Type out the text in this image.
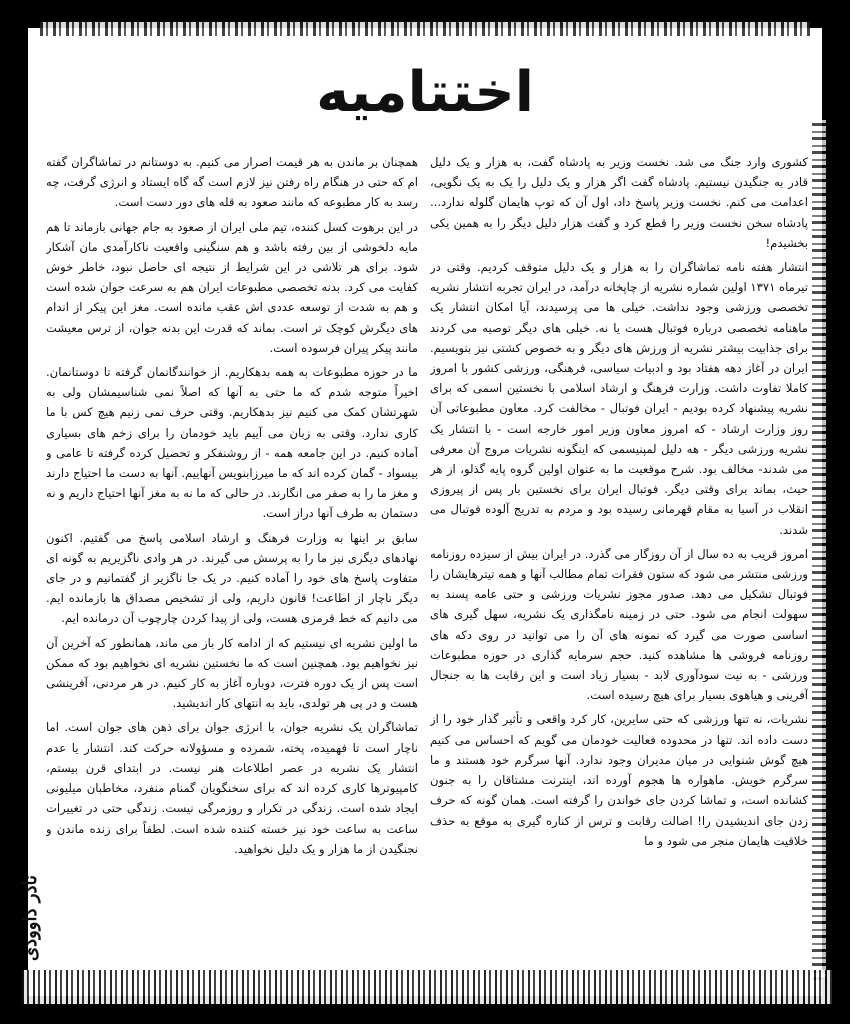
اختتامیه

کشوری وارد جنگ می شد. نخست وزیر به پادشاه گفت، به هزار و یک دلیل قادر به جنگیدن نیستیم. پادشاه گفت اگر هزار و یک دلیل را یک به یک نگویی، اعدامت می کنم. نخست وزیر پاسخ داد، اول آن که توپ هایمان گلوله ندارد... پادشاه سخن نخست وزیر را قطع کرد و گفت هزار دلیل دیگر را به همین یکی بخشیدم!

انتشار هفته نامه تماشاگران را به هزار و یک دلیل متوقف کردیم. وقتی در تیرماه ۱۳۷۱ اولین شماره نشریه از چاپخانه درآمد، در ایران تجربه انتشار نشریه تخصصی ورزشی وجود نداشت. خیلی ها می پرسیدند، آیا امکان انتشار یک ماهنامه تخصصی درباره فوتبال هست یا نه. خیلی های دیگر توصیه می کردند برای جذابیت بیشتر نشریه از ورزش های دیگر و به خصوص کشتی نیز بنویسیم. ایران در آغاز دهه هفتاد بود و ادبیات سیاسی، فرهنگی، ورزشی کشور با امروز کاملا تفاوت داشت. وزارت فرهنگ و ارشاد اسلامی با نخستین اسمی که برای نشریه پیشنهاد کرده بودیم - ایران فوتبال - مخالفت کرد. معاون مطبوعاتی آن روز وزارت ارشاد - که امروز معاون وزیر امور خارجه است - با انتشار یک نشریه ورزشی دیگر - هه دلیل لمپنیسمی که اینگونه نشریات مروج آن معرفی می شدند- مخالف بود. شرح موقعیت ما به عنوان اولین گروه پایه گذلو، از هر حیث، بماند برای وقتی دیگر. فوتبال ایران برای نخستین بار پس از پیروزی انقلاب در آسیا به مقام قهرمانی رسیده بود و مردم به تدریج آلوده فوتبال می شدند.

امروز قریب به ده سال از آن روزگار می گذرد. در ایران بیش از سیزده روزنامه ورزشی منتشر می شود که ستون فقرات تمام مطالب آنها و همه تیترهایشان را فوتبال تشکیل می دهد. صدور مجوز نشریات ورزشی و حتی عامه پسند به سهولت انجام می شود. حتی در زمینه نامگذاری یک نشریه، سهل گیری های اساسی صورت می گیرد که نمونه های آن را می توانید در روی دکه های روزنامه فروشی ها مشاهده کنید. حجم سرمایه گذاری در حوزه مطبوعات ورزشی - به نیت سودآوری لابد - بسیار زیاد است و این رقابت ها به جنجال آفرینی و هیاهوی بسیار برای هیچ رسیده است.

نشریات، نه تنها ورزشی که حتی سایرین، کار کرد واقعی و تأثیر گذار خود را از دست داده اند. تنها در محدوده فعالیت خودمان می گویم که احساس می کنیم هیچ گوش شنوایی در میان مدیران وجود ندارد. آنها سرگرم خود هستند و ما سرگرم خویش. ماهواره ها هجوم آورده اند، اینترنت مشتاقان را به جنون کشانده است، و تماشا کردن جای خواندن را گرفته است. همان گونه که حرف زدن جای اندیشیدن را! اصالت رقابت و ترس از کناره گیری به موقع به حذف خلاقیت هایمان منجر می شود و ما

همچنان بر ماندن به هر قیمت اصرار می کنیم. به دوستانم در تماشاگران گفته ام که حتی در هنگام راه رفتن نیز لازم است گه گاه ایستاد و انرژی گرفت، چه رسد به کار مطبوعه که مانند صعود به قله های دور دست است.

در این برهوت کسل کننده، تیم ملی ایران از صعود به جام جهانی بازماند تا هم مایه دلخوشی از بین رفته باشد و هم سنگینی واقعیت ناکارآمدی مان آشکار شود. برای هر تلاشی در این شرایط از نتیجه ای حاصل نبود، خاطر خوش کفایت می کرد. بدنه تخصصی مطبوعات ایران هم به سرعت جوان شده است و هم به شدت از توسعه عددی اش عقب مانده است. مغز این پیکر از اندام های دیگرش کوچک تر است. بماند که قدرت این بدنه جوان، از ترس معیشت مانند پیکر پیران فرسوده است.

ما در حوزه مطبوعات به همه بدهکاریم. از خوانندگانمان گرفته تا دوستانمان. اخیراً متوجه شدم که ما حتی به آنها که اصلاً نمی شناسیمشان ولی به شهرتشان کمک می کنیم نیز بدهکاریم. وقتی حرف نمی زنیم هیچ کس با ما کاری ندارد. وقتی به زبان می آییم باید خودمان را برای زخم های بسیاری آماده کنیم. در این جامعه همه - از روشنفکر و تحصیل کرده گرفته تا عامی و بیسواد - گمان کرده اند که ما میرزابنویس آنهاییم. آنها به دست ما احتیاج دارند و مغز ما را به صفر می انگارند. در حالی که ما نه به مغز آنها احتیاج داریم و نه دستمان به طرف آنها دراز است.

سابق بر اینها به وزارت فرهنگ و ارشاد اسلامی پاسخ می گفتیم. اکنون نهادهای دیگری نیز ما را به پرسش می گیرند. در هر وادی ناگزیریم به گونه ای متفاوت پاسخ های خود را آماده کنیم. در یک جا ناگزیر از گفتمانیم و در جای دیگر ناچار از اطاعت! قانون داریم، ولی از تشخیص مصداق ها بازمانده ایم. می دانیم که خط قرمزی هست، ولی از پیدا کردن چارچوب آن درمانده ایم.

ما اولین نشریه ای نیستیم که از ادامه کار باز می ماند، همانطور که آخرین آن نیز نخواهیم بود. همچنین است که ما نخستین نشریه ای نخواهیم بود که ممکن است پس از یک دوره فترت، دوباره آغاز به کار کنیم. در هر مردنی، آفرینشی هست و در پی هر تولدی، باید به انتهای کار اندیشید.

تماشاگران یک نشریه جوان، با انرژی جوان برای ذهن های جوان است. اما ناچار است تا فهمیده، پخته، شمرده و مسؤولانه حرکت کند. انتشار یا عدم انتشار یک نشریه در عصر اطلاعات هنر نیست. در ابتدای قرن بیستم، کامپیوترها کاری کرده اند که برای سخنگویان گمنام منفرد، مخاطبان میلیونی ایجاد شده است. زندگی در تکرار و روزمرگی نیست. زندگی حتی در تغییرات ساعت به ساعت خود نیز خسته کننده شده است. لطفاً برای زنده ماندن و نجنگیدن از ما هزار و یک دلیل نخواهید.

نادر داوودی
